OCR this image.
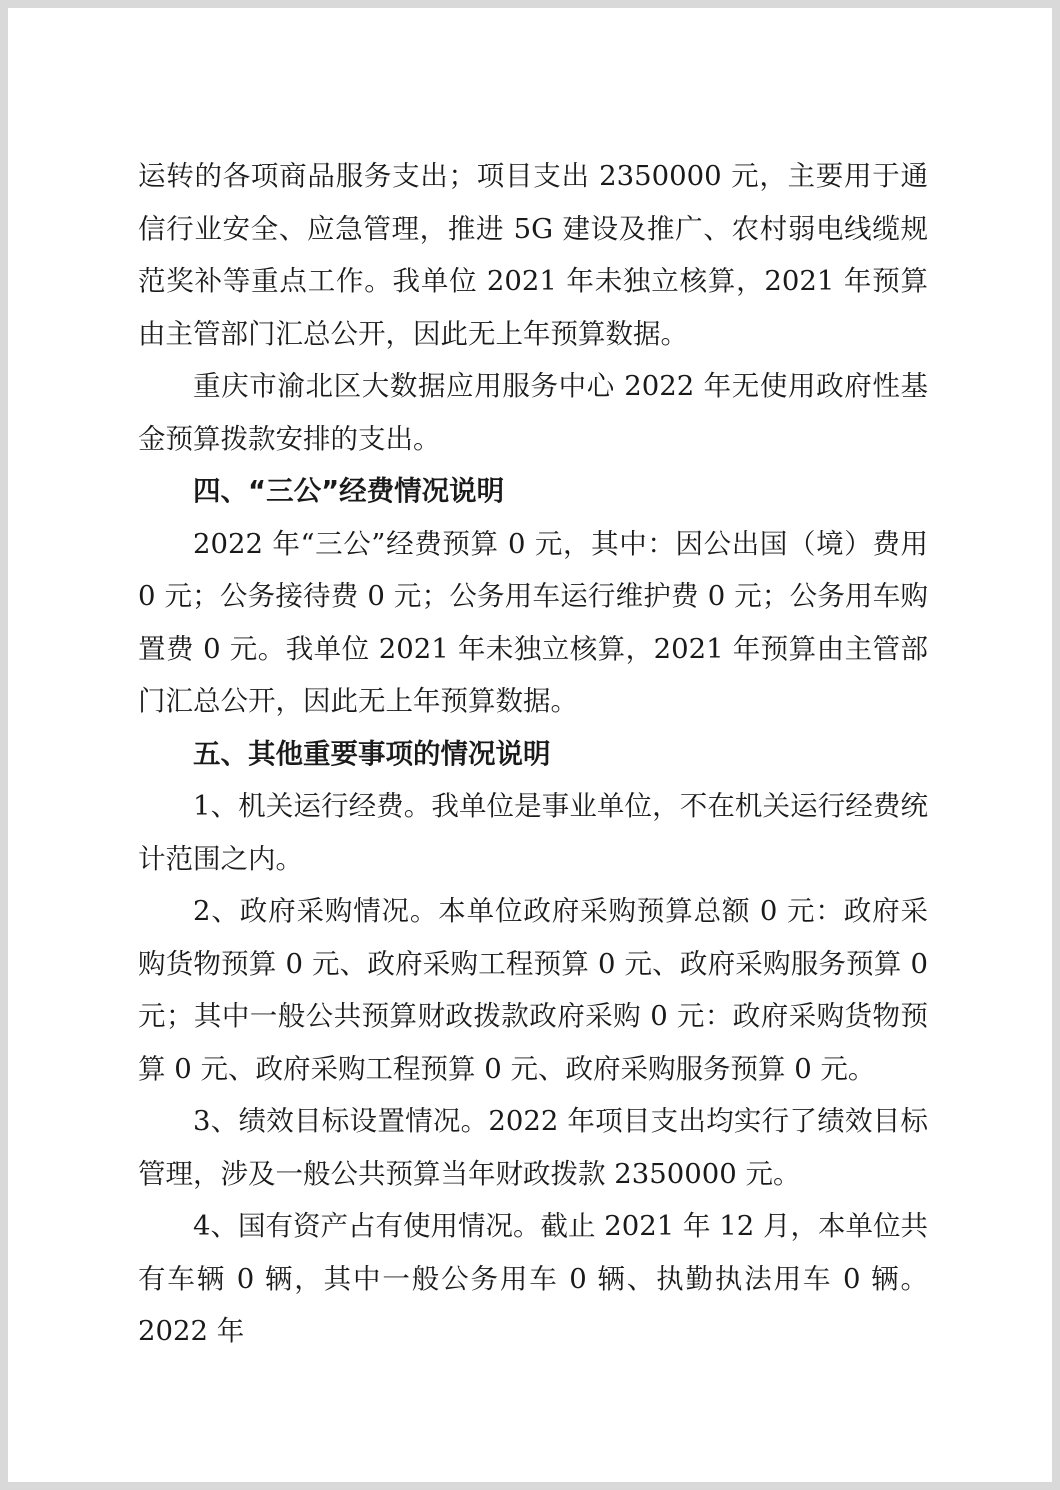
运转的各项商品服务支出；项目支出 2350000 元，主要用于通信行业安全、应急管理，推进 5G 建设及推广、农村弱电线缆规范奖补等重点工作。我单位 2021 年未独立核算，2021 年预算由主管部门汇总公开，因此无上年预算数据。

重庆市渝北区大数据应用服务中心 2022 年无使用政府性基金预算拨款安排的支出。

四、“三公”经费情况说明

2022 年“三公”经费预算 0 元，其中：因公出国（境）费用 0 元；公务接待费 0 元；公务用车运行维护费 0 元；公务用车购置费 0 元。我单位 2021 年未独立核算，2021 年预算由主管部门汇总公开，因此无上年预算数据。

五、其他重要事项的情况说明

1、机关运行经费。我单位是事业单位，不在机关运行经费统计范围之内。

2、政府采购情况。本单位政府采购预算总额 0 元：政府采购货物预算 0 元、政府采购工程预算 0 元、政府采购服务预算 0 元；其中一般公共预算财政拨款政府采购 0 元：政府采购货物预算 0 元、政府采购工程预算 0 元、政府采购服务预算 0 元。

3、绩效目标设置情况。2022 年项目支出均实行了绩效目标管理，涉及一般公共预算当年财政拨款 2350000 元。

4、国有资产占有使用情况。截止 2021 年 12 月，本单位共有车辆 0 辆，其中一般公务用车 0 辆、执勤执法用车 0 辆。2022 年
